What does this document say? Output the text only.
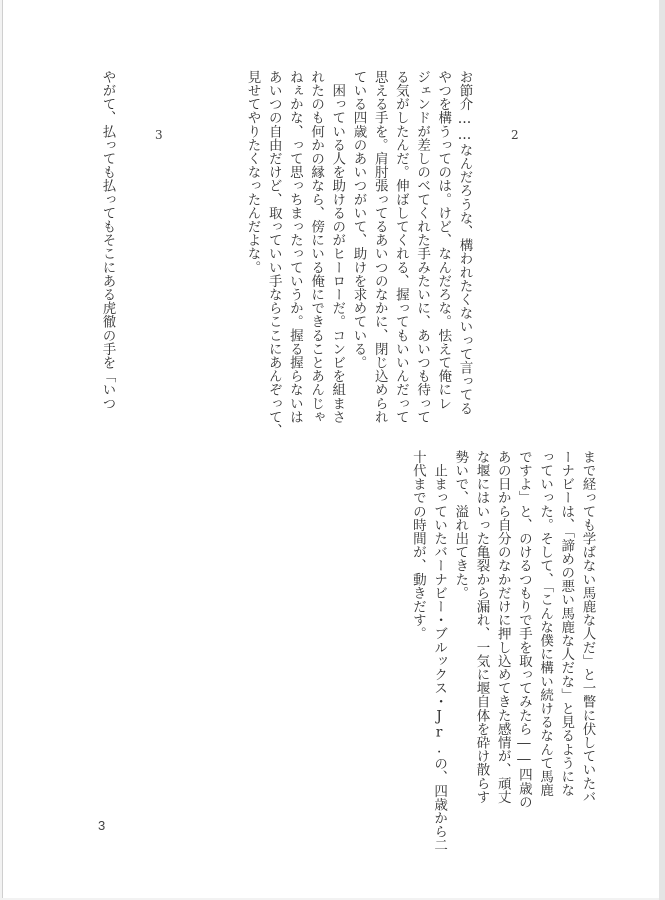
2
お節介……なんだろうな、構われたくないって言ってる
やつを構うってのは。けど、なんだろな。怯えて俺にレ
ジェンドが差しのべてくれた手みたいに、あいつも待って
る気がしたんだ。伸ばしてくれる、握ってもいいんだって
思える手を。肩肘張ってるあいつのなかに、閉じ込められ
ている四歳のあいつがいて、助けを求めている。
　困っている人を助けるのがヒーローだ。コンビを組まさ
れたのも何かの縁なら、傍にいる俺にできることあんじゃ
ねぇかな、って思っちまったっていうか。握る握らないは
あいつの自由だけど、取っていい手ならここにあんぞって、
見せてやりたくなったんだよな。
3
やがて、払っても払ってもそこにある虎徹の手を「いつ
まで経っても学ばない馬鹿な人だ」と一瞥に伏していたバ
ーナビーは、「諦めの悪い馬鹿な人だな」と見るようにな
っていった。そして、「こんな僕に構い続けるなんて馬鹿
ですよ」と、のけるつもりで手を取ってみたら――四歳の
あの日から自分のなかだけに押し込めてきた感情が、頑丈
な堰にはいった亀裂から漏れ、一気に堰自体を砕け散らす
勢いで、溢れ出てきた。
　止まっていたバーナビー・ブルックス・Jr.の、四歳から二
十代までの時間が、動きだす。
3
